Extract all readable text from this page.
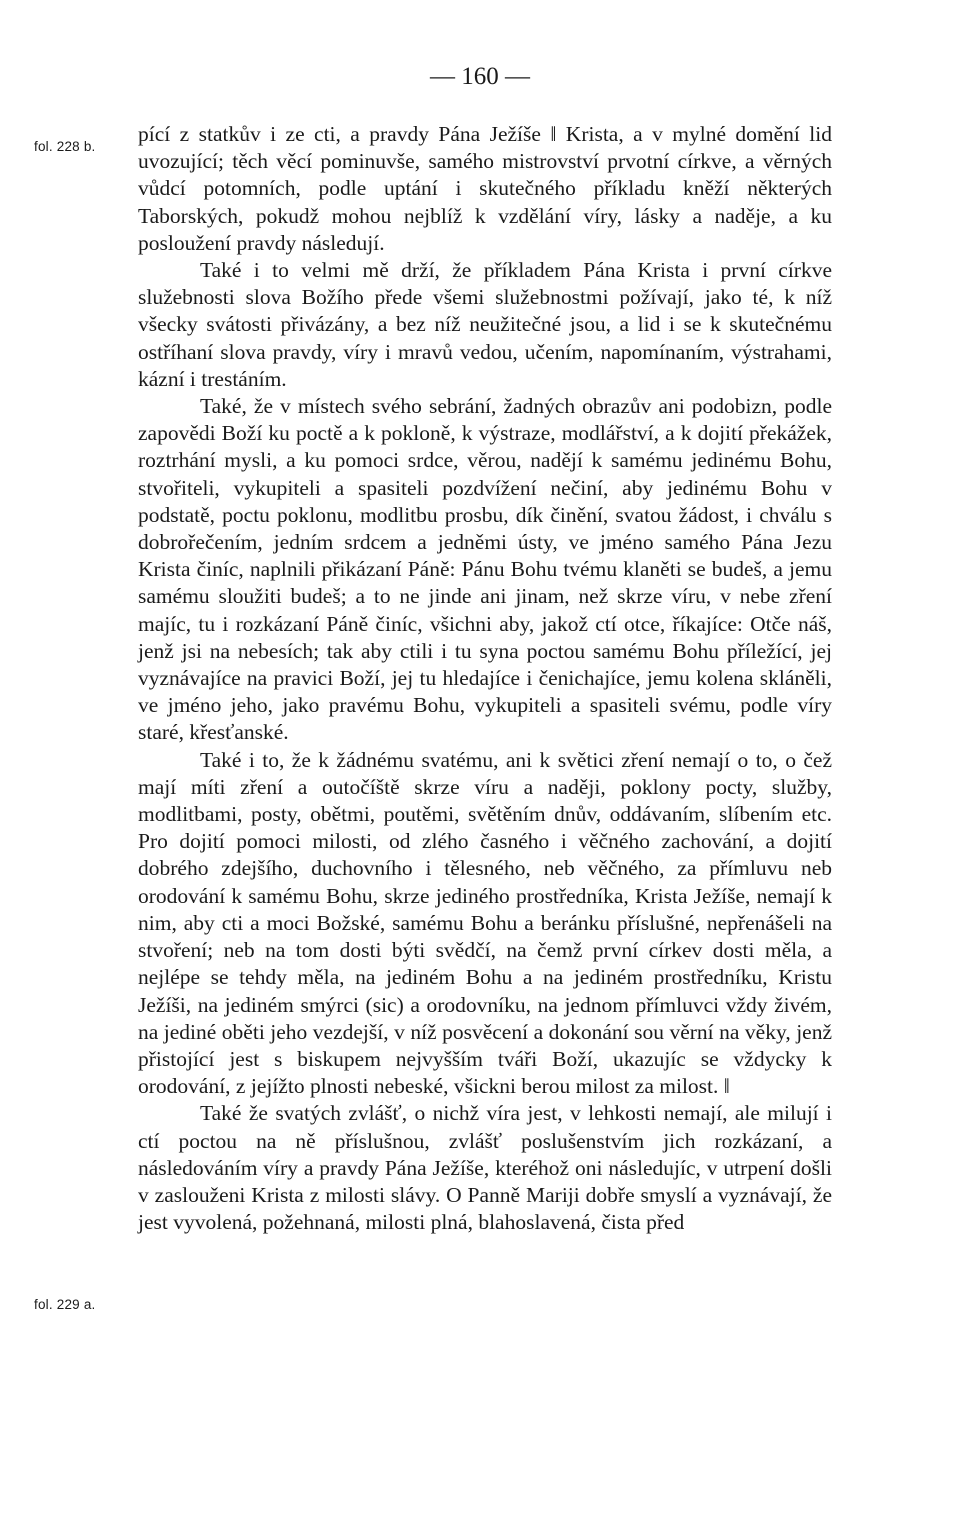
— 160 —
fol. 228 b.
fol. 229 a.

pící z statkův i ze cti, a pravdy Pána Ježíše ‖ Krista, a v mylné domění lid uvozující; těch věcí pominuvše, samého mistrovství prvotní církve, a věrných vůdcí potomních, podle uptání i skutečného příkladu kněží některých Taborských, pokudž mohou nejblíž k vzdělání víry, lásky a naděje, a ku posloužení pravdy následují.

Také i to velmi mě drží, že příkladem Pána Krista i první církve služebnosti slova Božího přede všemi služebnostmi požívají, jako té, k níž všecky svátosti přivázány, a bez níž neužitečné jsou, a lid i se k skutečnému ostříhaní slova pravdy, víry i mravů vedou, učením, napomínaním, výstrahami, kázní i trestáním.

Také, že v místech svého sebrání, žadných obrazův ani podobizn, podle zapovědi Boží ku poctě a k pokloně, k výstraze, modlářství, a k dojití překážek, roztrhání mysli, a ku pomoci srdce, věrou, nadějí k samému jedinému Bohu, stvořiteli, vykupiteli a spasiteli pozdvížení nečiní, aby jedinému Bohu v podstatě, poctu poklonu, modlitbu prosbu, dík činění, svatou žádost, i chválu s dobrořečením, jedním srdcem a jedněmi ústy, ve jméno samého Pána Jezu Krista činíc, naplnili přikázaní Páně: Pánu Bohu tvému klaněti se budeš, a jemu samému sloužiti budeš; a to ne jinde ani jinam, než skrze víru, v nebe zření majíc, tu i rozkázaní Páně činíc, všichni aby, jakož ctí otce, říkajíce: Otče náš, jenž jsi na nebesích; tak aby ctili i tu syna poctou samému Bohu příležící, jej vyznávajíce na pravici Boží, jej tu hledajíce i čenichajíce, jemu kolena skláněli, ve jméno jeho, jako pravému Bohu, vykupiteli a spasiteli svému, podle víry staré, křesťanské.

Také i to, že k žádnému svatému, ani k světici zření nemají o to, o čež mají míti zření a outočíště skrze víru a naději, poklony pocty, služby, modlitbami, posty, obětmi, poutěmi, světěním dnův, oddávaním, slíbením etc. Pro dojití pomoci milosti, od zlého časného i věčného zachování, a dojití dobrého zdejšího, duchovního i tělesného, neb věčného, za přímluvu neb orodování k samému Bohu, skrze jediného prostředníka, Krista Ježíše, nemají k nim, aby cti a moci Božské, samému Bohu a beránku příslušné, nepřenášeli na stvoření; neb na tom dosti býti svědčí, na čemž první církev dosti měla, a nejlépe se tehdy měla, na jediném Bohu a na jediném prostředníku, Kristu Ježíši, na jediném smýrci (sic) a orodovníku, na jednom přímluvci vždy živém, na jediné oběti jeho vezdejší, v níž posvěcení a dokonání sou věrní na věky, jenž přistojící jest s biskupem nejvyšším tváři Boží, ukazujíc se vždycky k orodování, z jejížto plnosti nebeské, všickni berou milost za milost. ‖

Také že svatých zvlášť, o nichž víra jest, v lehkosti nemají, ale milují i ctí poctou na ně příslušnou, zvlášť poslušenstvím jich rozkázaní, a následováním víry a pravdy Pána Ježíše, kteréhož oni následujíc, v utrpení došli v zaslouženi Krista z milosti slávy. O Panně Mariji dobře smyslí a vyznávají, že jest vyvolená, požehnaná, milosti plná, blahoslavená, čista před
